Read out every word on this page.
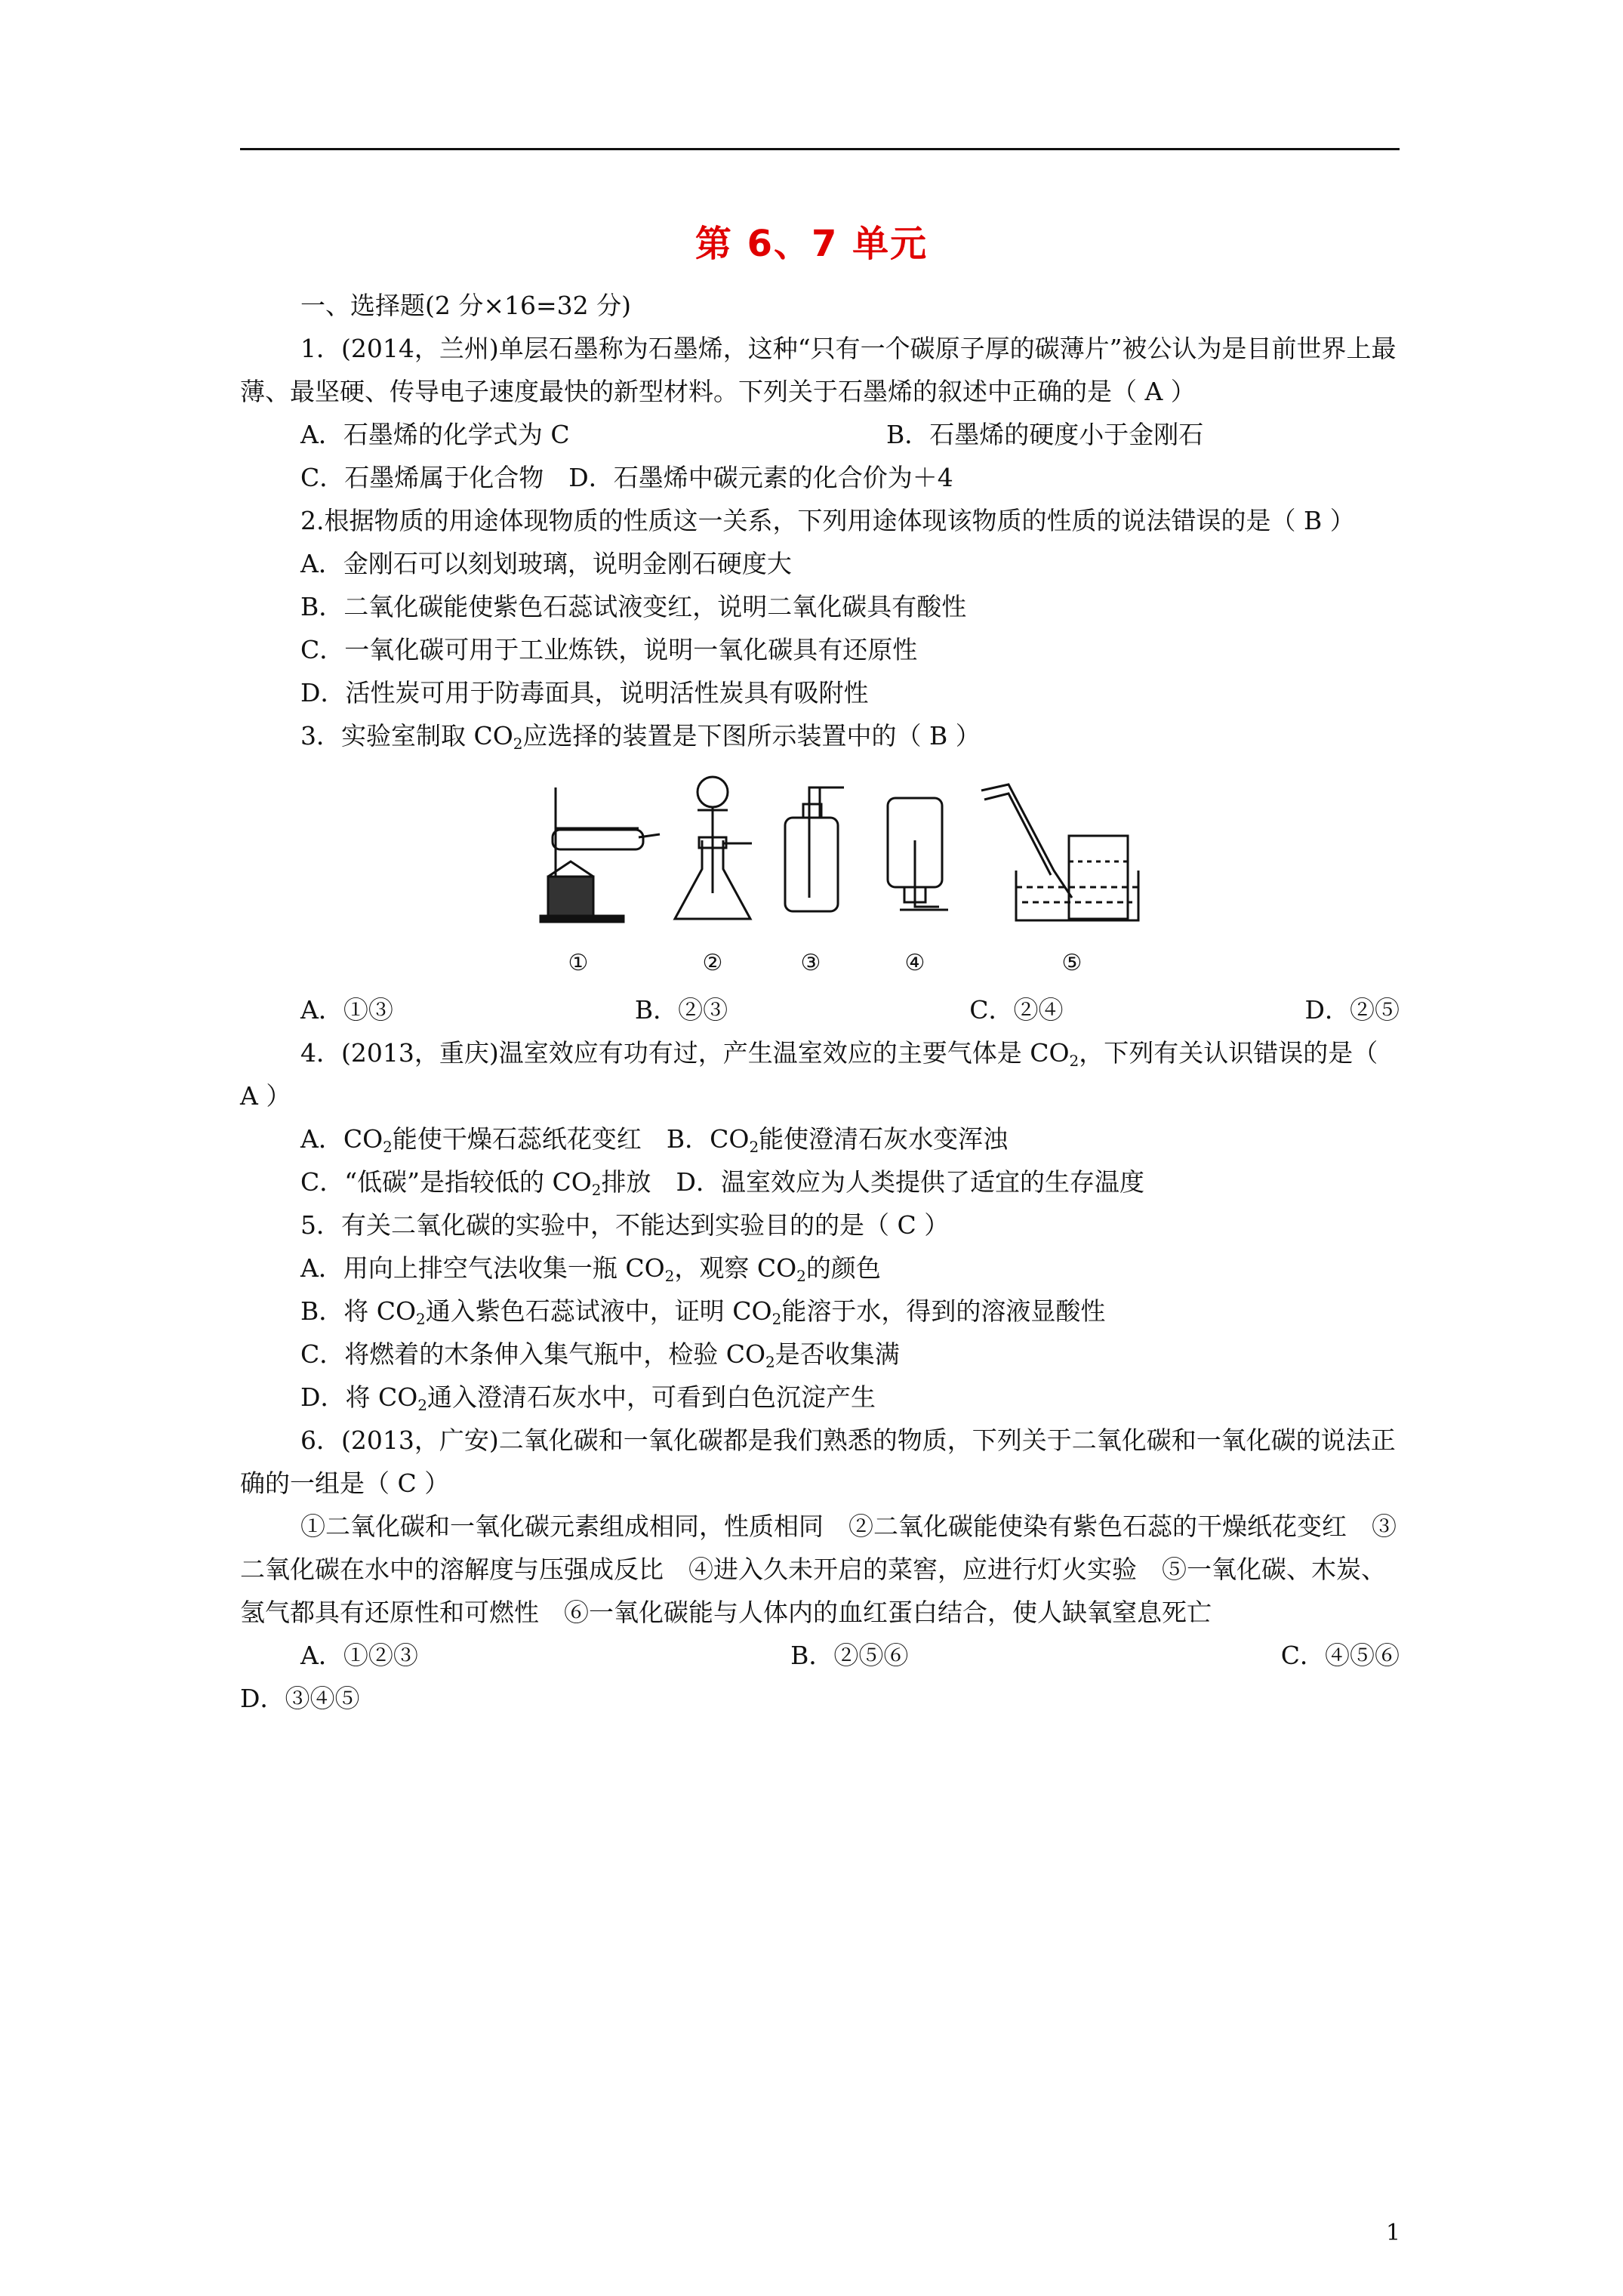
第 6、7 单元

一、选择题(2 分×16=32 分)

1．(2014，兰州)单层石墨称为石墨烯，这种“只有一个碳原子厚的碳薄片”被公认为是目前世界上最薄、最坚硬、传导电子速度最快的新型材料。下列关于石墨烯的叙述中正确的是（ A ）

A．石墨烯的化学式为 C	B．石墨烯的硬度小于金刚石

C．石墨烯属于化合物　D．石墨烯中碳元素的化合价为＋4

2.根据物质的用途体现物质的性质这一关系，下列用途体现该物质的性质的说法错误的是（ B ）

A．金刚石可以刻划玻璃，说明金刚石硬度大

B．二氧化碳能使紫色石蕊试液变红，说明二氧化碳具有酸性

C．一氧化碳可用于工业炼铁，说明一氧化碳具有还原性

D．活性炭可用于防毒面具，说明活性炭具有吸附性

3．实验室制取 $CO_2$应选择的装置是下图所示装置中的（ B ）

①	②	③	④	⑤
A．①③	B．②③	C．②④	D．②⑤

4．(2013，重庆)温室效应有功有过，产生温室效应的主要气体是 $CO_2$，下列有关认识错误的是（ A ）

A．$CO_2$能使干燥石蕊纸花变红　B．$CO_2$能使澄清石灰水变浑浊

C．“低碳”是指较低的 $CO_2$排放　D．温室效应为人类提供了适宜的生存温度

5．有关二氧化碳的实验中，不能达到实验目的的是（ C ）

A．用向上排空气法收集一瓶 $CO_2$，观察 $CO_2$的颜色

B．将 $CO_2$通入紫色石蕊试液中，证明 $CO_2$能溶于水，得到的溶液显酸性

C．将燃着的木条伸入集气瓶中，检验 $CO_2$是否收集满

D．将 $CO_2$通入澄清石灰水中，可看到白色沉淀产生

6．(2013，广安)二氧化碳和一氧化碳都是我们熟悉的物质，下列关于二氧化碳和一氧化碳的说法正确的一组是（ C ）

①二氧化碳和一氧化碳元素组成相同，性质相同　②二氧化碳能使染有紫色石蕊的干燥纸花变红　③二氧化碳在水中的溶解度与压强成反比　④进入久未开启的菜窖，应进行灯火实验　⑤一氧化碳、木炭、氢气都具有还原性和可燃性　⑥一氧化碳能与人体内的血红蛋白结合，使人缺氧窒息死亡

A．①②③	B．②⑤⑥	C．④⑤⑥

D．③④⑤

1
